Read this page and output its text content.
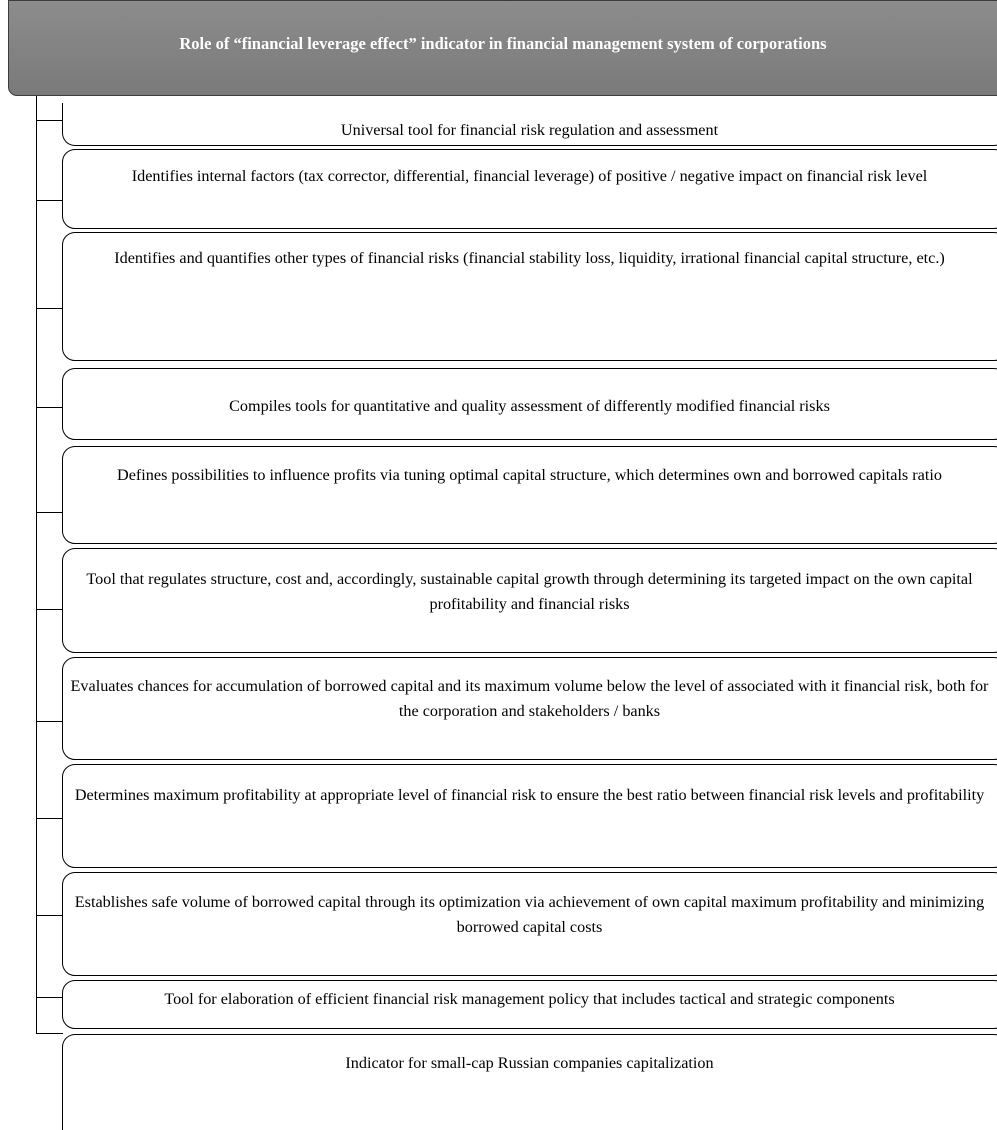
Role of “financial leverage effect” indicator in financial management system of corporations
Universal tool for financial risk regulation and assessment
Identifies internal factors (tax corrector, differential, financial leverage) of positive / negative impact on financial risk level
Identifies and quantifies other types of financial risks (financial stability loss, liquidity, irrational financial capital structure, etc.)
Compiles tools for quantitative and quality assessment of differently modified financial risks
Defines possibilities to influence profits via tuning optimal capital structure, which determines own and borrowed capitals ratio
Tool that regulates structure, cost and, accordingly, sustainable capital growth through determining its targeted impact on the own capital profitability and financial risks
Evaluates chances for accumulation of borrowed capital and its maximum volume below the level of associated with it financial risk, both for the corporation and stakeholders / banks
Determines maximum profitability at appropriate level of financial risk to ensure the best ratio between financial risk levels and profitability
Establishes safe volume of borrowed capital through its optimization via achievement of own capital maximum profitability and minimizing borrowed capital costs
Tool for elaboration of efficient financial risk management policy that includes tactical and strategic components
Indicator for small-cap Russian companies capitalization
